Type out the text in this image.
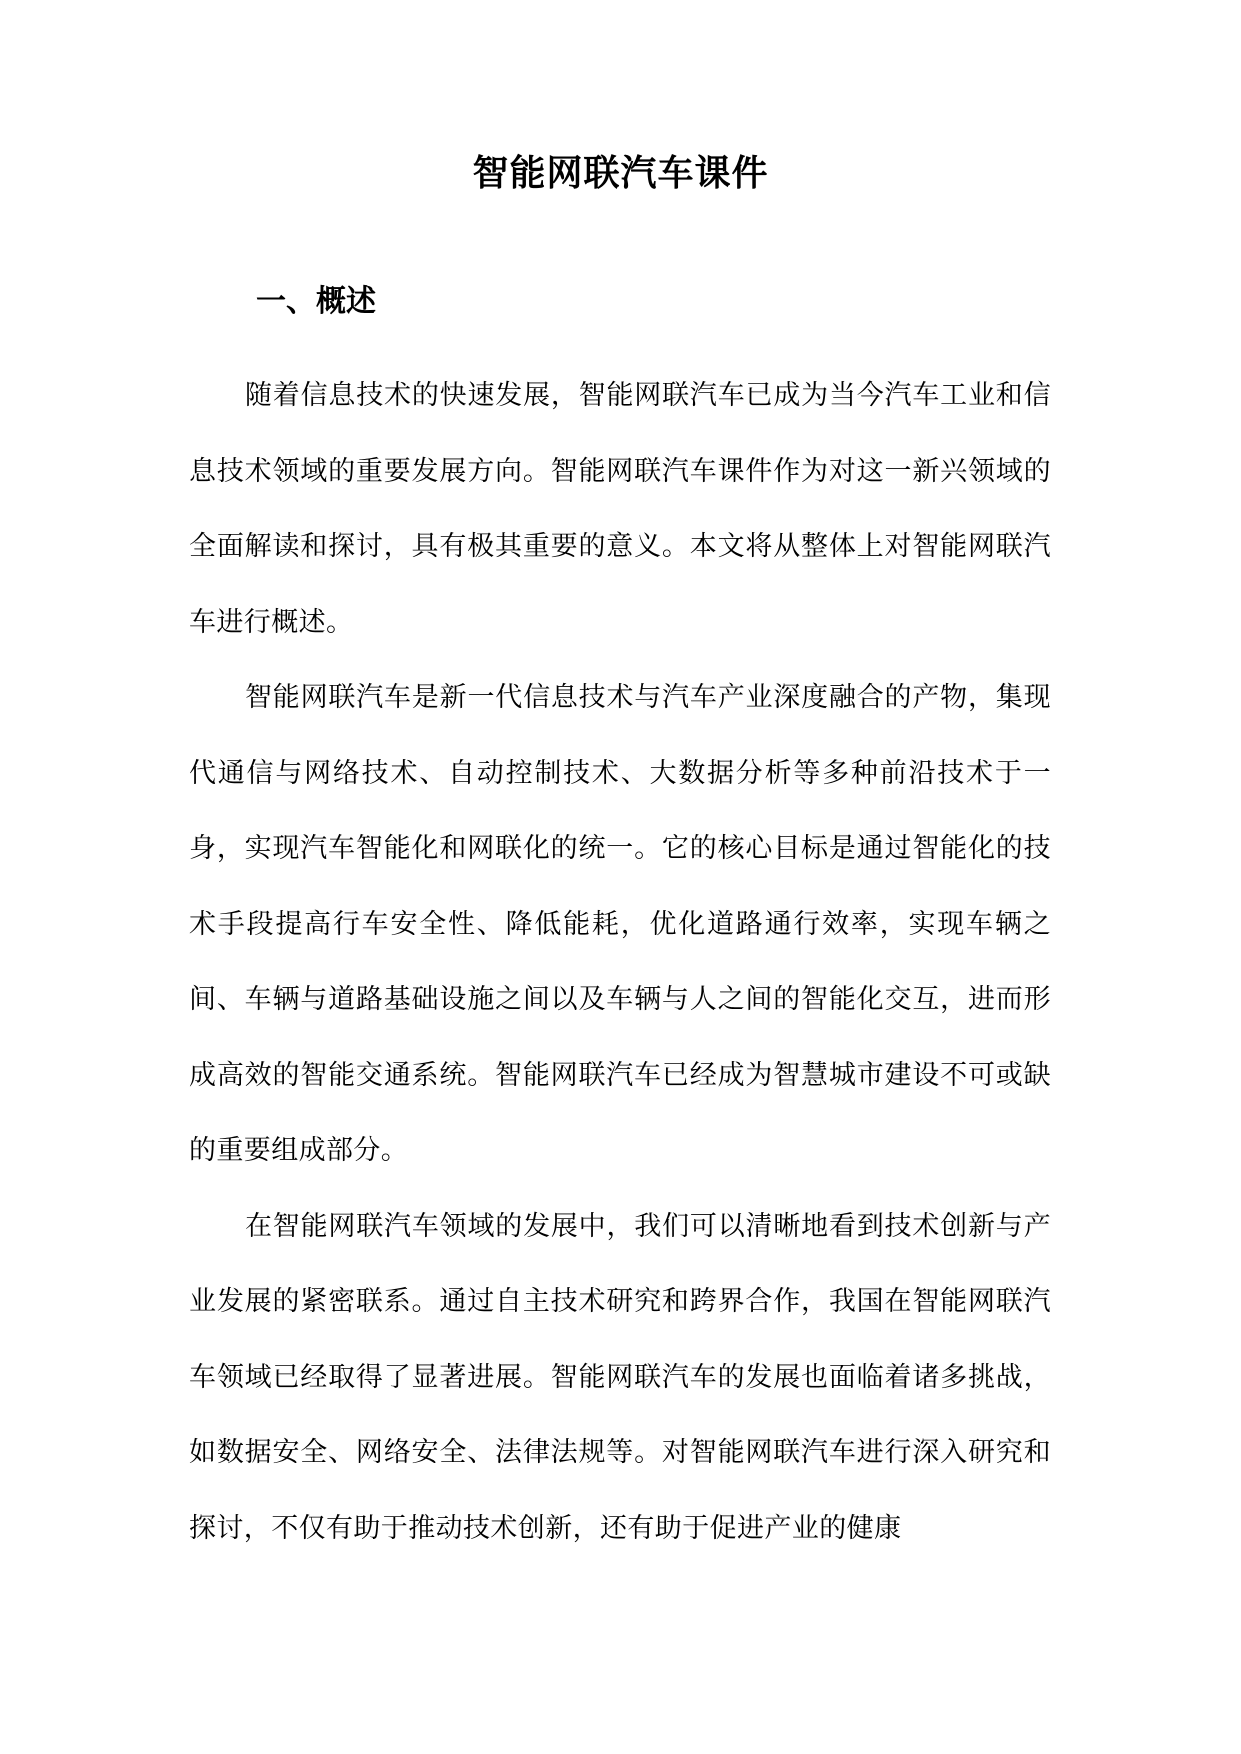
智能网联汽车课件
一、概述

随着信息技术的快速发展，智能网联汽车已成为当今汽车工业和信息技术领域的重要发展方向。智能网联汽车课件作为对这一新兴领域的全面解读和探讨，具有极其重要的意义。本文将从整体上对智能网联汽车进行概述。

智能网联汽车是新一代信息技术与汽车产业深度融合的产物，集现代通信与网络技术、自动控制技术、大数据分析等多种前沿技术于一身，实现汽车智能化和网联化的统一。它的核心目标是通过智能化的技术手段提高行车安全性、降低能耗，优化道路通行效率，实现车辆之间、车辆与道路基础设施之间以及车辆与人之间的智能化交互，进而形成高效的智能交通系统。智能网联汽车已经成为智慧城市建设不可或缺的重要组成部分。

在智能网联汽车领域的发展中，我们可以清晰地看到技术创新与产业发展的紧密联系。通过自主技术研究和跨界合作，我国在智能网联汽车领域已经取得了显著进展。智能网联汽车的发展也面临着诸多挑战，如数据安全、网络安全、法律法规等。对智能网联汽车进行深入研究和探讨，不仅有助于推动技术创新，还有助于促进产业的健康
